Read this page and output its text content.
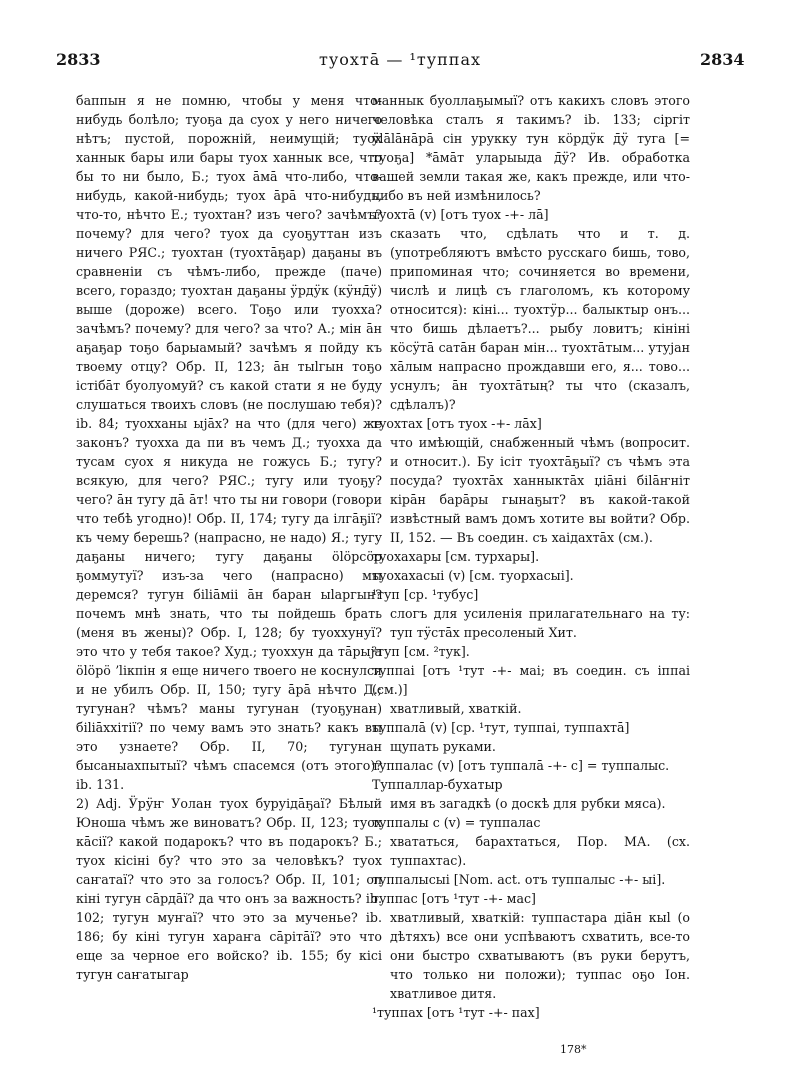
2833	туохтā — ¹туппах	2834

баппын я не помню, чтобы у меня что-нибудь болѣло; туоҕа да суох у него ничего нѣтъ; пустой, порожній, неимущій; туох ханнык бары или бары туох ханнык все, что бы то ни было, Б.; туох āмā что-либо, что-нибудь, какой-нибудь; туох āрā что-нибудь, что-то, нѣчто Е.; туохтан? изъ чего? зачѣмъ? почему? для чего? туох да суоҕуттан изъ ничего РЯС.; туохтан (туохтāҕар) даҕаны въ сравненіи съ чѣмъ-либо, прежде (паче) всего, гораздо; туохтан даҕаны ӱрдӱк (кӱнд̄ӱ) выше (дороже) всего. Тоҕо или туохха? зачѣмъ? почему? для чего? за что? А.; мін āн аҕаҕар тоҕо барыамый? зачѣмъ я пойду къ твоему отцу? Обр. II, 123; āн тыlгын тоҕо істібāт буолуомуй? съ какой стати я не буду слушаться твоихъ словъ (не послушаю тебя)? ib. 84; туохханы ыјāх? на что (для чего) же законъ? туохха да пи въ чемъ Д.; туохха да тусам суох я никуда не гожусь Б.; тугу? всякую, для чего? РЯС.; тугу или туоҕу? чего? āн тугу дā āт! что ты ни говори (говори что тебѣ угодно)! Обр. II, 174; тугу да ілгāҕії? къ чему берешь? (напрасно, не надо) Я.; тугу даҕаны ничего; тугу даҕаны ölöрсöр ҕоммутуї? изъ-за чего (напрасно) мы деремся? тугун біlіāміі āн баран ыlаргын? почемъ мнѣ знать, что ты пойдешь брать (меня въ жены)? Обр. I, 128; бу туоххунуї? это что у тебя такое? Худ.; туоххун да тāрыја ölöрö ʼlікпін я еще ничего твоего не коснулся и не убилъ Обр. II, 150; тугу āрā нѣчто Д.; тугунан? чѣмъ? маны тугунан (туоҕунан) біlіāххітії? по чему вамъ это знать? какъ вы это узнаете? Обр. II, 70; тугунан бысаныахпытыї? чѣмъ спасемся (отъ этого)? ib. 131.

2) Adj. Ӱрӱҥ Уолан туох буруідāҕаї? Бѣлый Юноша чѣмъ же виноватъ? Обр. II, 123; туох кāсії? какой подарокъ? что въ подарокъ? Б.; туох кісіні бу? что это за человѣкъ? туох саҥатаї? что это за голосъ? Обр. II, 101; ол кіні тугун сāрдāї? да что онъ за важность? ib. 102; тугун муҥаї? что это за мученье? ib. 186; бу кіні тугун хараҥа сāрітāї? это что еще за черное его войско? ib. 155; бу кісі тугун саҥатыгар

маннык буоллаҕымыї? отъ какихъ словъ этого человѣка сталъ я такимъ? ib. 133; сіргіт ӱlālāнāрā сін урукку тун кöрдӱк д̄ӱ туга [= туоҕа] *āмāт уларыыда д̄ӱ? Ив. обработка вашей земли такая же, какъ прежде, или что-либо въ ней измѣнилось?

туохтā (v) [отъ туох -+- лā]

сказать что, сдѣлать что и т. д. (употребляютъ вмѣсто русскаго бишь, тово, припоминая что; сочиняется во времени, числѣ и лицѣ съ глаголомъ, къ которому относится): кіні... туохтӱр... балыктыр онъ... что бишь дѣлаетъ?... рыбу ловитъ; кініні кöсӱтā сатāн баран мін... туохтāтым... утујан хāлым напрасно прождавши его, я... тово... уснулъ; āн туохтāтың? ты что (сказалъ, сдѣлалъ)?

туохтах [отъ туох -+- лāх]

что имѣющій, снабженный чѣмъ (вопросит. и относит.). Бу ісіт туохтāҕыї? съ чѣмъ эта посуда? туохтāх ханныктāх џіāні біlāҥніт кірāн барāры гынаҕыт? въ какой-такой извѣстный вамъ домъ хотите вы войти? Обр. II, 152. — Въ соедин. съ хаідахтāх (см.).

туохахары [см. турхары].

туохахасыі (v) [см. туорхасыі].

¹туп [ср. ¹тубус]

слогъ для усиленія прилагательнаго на ту: туп тӱстāх пресоленый Хит.

²туп [см. ²тук].

туппаі [отъ ¹тут -+- маі; въ соедин. съ іппаі (см.)]

хватливый, хваткій.

туппалā (v) [ср. ¹тут, туппаі, туппахтā]

щупать руками.

туппалас (v) [отъ туппалā -+- с] = туппалыс.

Туппаллар-бухатыр

имя въ загадкѣ (о доскѣ для рубки мяса).

туппалы с (v) = туппалас

хвататься, барахтаться, Пор. МА. (сх. туппахтас).

туппалысыі [Nom. act. отъ туппалыс -+- ыі].

туппас [отъ ¹тут -+- мас]

хватливый, хваткій: туппастара діāн кыl (о дѣтяхъ) все они успѣваютъ схватить, все-то они быстро схватываютъ (въ руки берутъ, что только ни положи); туппас оҕо Іон. хватливое дитя.

¹туппах [отъ ¹тут -+- пах]

178*
